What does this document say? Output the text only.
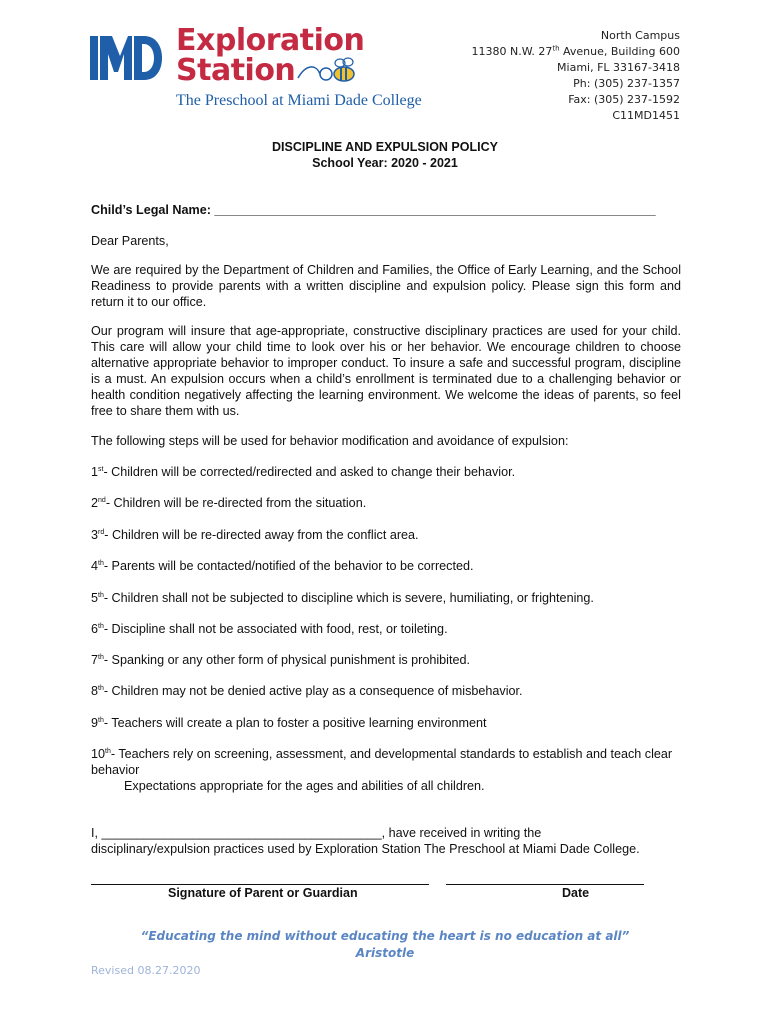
Exploration
Station
The Preschool at Miami Dade College
North Campus
11380 N.W. 27th Avenue, Building 600
Miami, FL 33167-3418
Ph: (305) 237-1357
Fax: (305) 237-1592
C11MD1451
DISCIPLINE AND EXPULSION POLICY
School Year: 2020 - 2021
Child’s Legal Name: _______________________________________________________________
Dear Parents,
We are required by the Department of Children and Families, the Office of Early Learning, and the School Readiness to provide parents with a written discipline and expulsion policy. Please sign this form and return it to our office.
Our program will insure that age-appropriate, constructive disciplinary practices are used for your child. This care will allow your child time to look over his or her behavior. We encourage children to choose alternative appropriate behavior to improper conduct. To insure a safe and successful program, discipline is a must. An expulsion occurs when a child’s enrollment is terminated due to a challenging behavior or health condition negatively affecting the learning environment. We welcome the ideas of parents, so feel free to share them with us.
The following steps will be used for behavior modification and avoidance of expulsion:
1st- Children will be corrected/redirected and asked to change their behavior.
2nd- Children will be re-directed from the situation.
3rd- Children will be re-directed away from the conflict area.
4th- Parents will be contacted/notified of the behavior to be corrected.
5th- Children shall not be subjected to discipline which is severe, humiliating, or frightening.
6th- Discipline shall not be associated with food, rest, or toileting.
7th- Spanking or any other form of physical punishment is prohibited.
8th- Children may not be denied active play as a consequence of misbehavior.
9th- Teachers will create a plan to foster a positive learning environment
10th- Teachers rely on screening, assessment, and developmental standards to establish and teach clear behavior
Expectations appropriate for the ages and abilities of all children.
I, ________________________________________, have received in writing the
disciplinary/expulsion practices used by Exploration Station The Preschool at Miami Dade College.
Signature of Parent or Guardian	Date
“Educating the mind without educating the heart is no education at all”
Aristotle
Revised 08.27.2020
